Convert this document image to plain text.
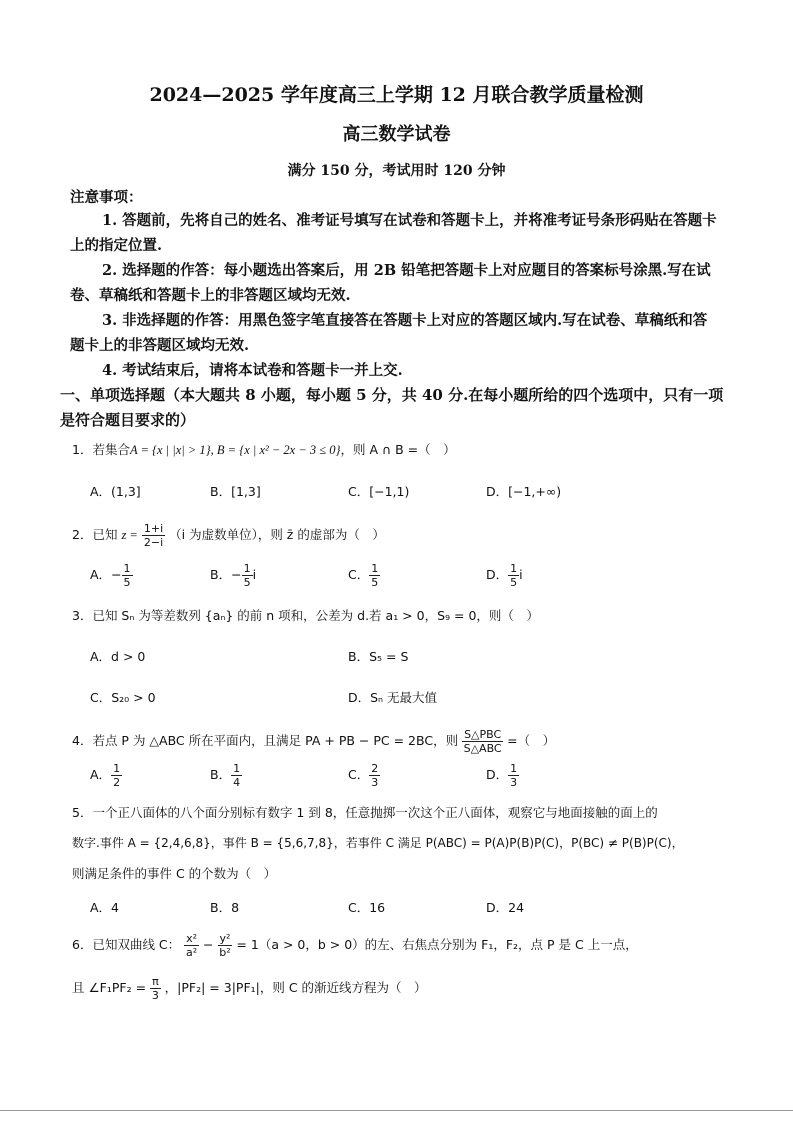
2024—2025 学年度高三上学期 12 月联合教学质量检测
高三数学试卷
满分 150 分，考试用时 120 分钟
注意事项：
1. 答题前，先将自己的姓名、准考证号填写在试卷和答题卡上，并将准考证号条形码贴在答题卡上的指定位置.
2. 选择题的作答：每小题选出答案后，用 2B 铅笔把答题卡上对应题目的答案标号涂黑.写在试卷、草稿纸和答题卡上的非答题区域均无效.
3. 非选择题的作答：用黑色签字笔直接答在答题卡上对应的答题区域内.写在试卷、草稿纸和答题卡上的非答题区域均无效.
4. 考试结束后，请将本试卷和答题卡一并上交.
一、单项选择题（本大题共 8 小题，每小题 5 分，共 40 分.在每小题所给的四个选项中，只有一项是符合题目要求的）
1．若集合A = {x | |x| > 1}, B = {x | x² − 2x − 3 ≤ 0}，则 A ∩ B =（　）
A．(1,3]	B．[1,3]	C．[−1,1)	D．[−1,+∞)
2．已知 $z = \frac{1+i}{2-i} (i$ 为虚数单位），则 z̄ 的虚部为（　）
A．− $\frac{1}{5}$	B．− $\frac{1}{5}$ i	C． $\frac{1}{5}$	D． $\frac{1}{5}$ i
3．已知 Sₙ 为等差数列 {aₙ} 的前 n 项和，公差为 d.若 a₁ > 0，S₉ = 0，则（　）
A．d > 0	B．S₅ = S
C．S₂₀ > 0	D．Sₙ 无最大值
4．若点 P 为 △ABC 所在平面内，且满足 PA + PB − PC = 2BC，则 $\frac{\text{S△PBC}}{\text{S△ABC}}$ =（　）
A． $\frac{1}{2}$	B． $\frac{1}{4}$	C． $\frac{2}{3}$	D． $\frac{1}{3}$
5．一个正八面体的八个面分别标有数字 1 到 8，任意抛掷一次这个正八面体，观察它与地面接触的面上的
数字.事件 A = {2,4,6,8}，事件 B = {5,6,7,8}，若事件 C 满足 P(ABC) = P(A)P(B)P(C)，P(BC) ≠ P(B)P(C)，
则满足条件的事件 C 的个数为（　）
A．4	B．8	C．16	D．24
6．已知双曲线 C： $\frac{\text{x²}}{\text{a²}} - \frac{\text{y²}}{\text{b²}} = 1(a > 0$，b > 0）的左、右焦点分别为 F₁，F₂，点 P 是 C 上一点，
且 ∠F₁PF₂ = $\frac{\pi}{3}$ ，|PF₂| = 3|PF₁|，则 C 的渐近线方程为（　）
